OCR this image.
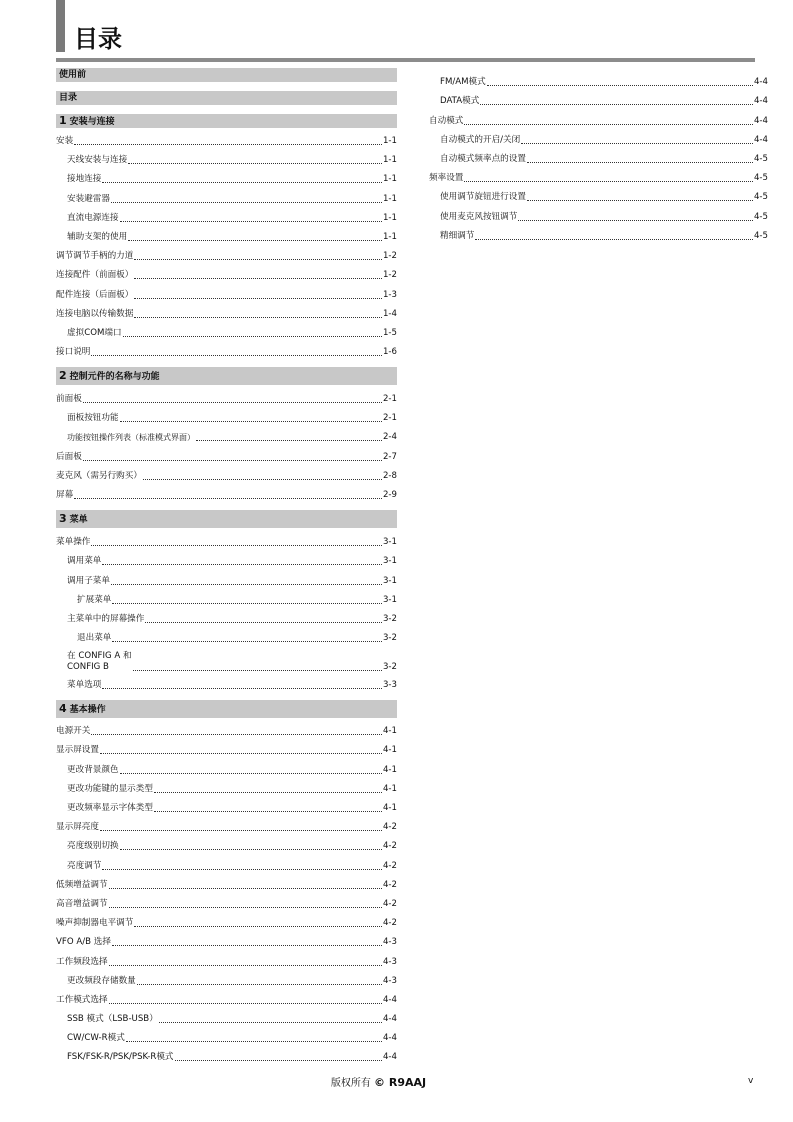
目录
使用前
目录
1 安装与连接
安装	1-1
天线安装与连接	1-1
接地连接	1-1
安装避雷器	1-1
直流电源连接	1-1
辅助支架的使用	1-1
调节调节手柄的力道	1-2
连接配件（前面板）	1-2
配件连接（后面板）	1-3
连接电脑以传输数据	1-4
虚拟COM端口	1-5
接口说明	1-6
2 控制元件的名称与功能
前面板	2-1
面板按钮功能	2-1
功能按钮操作列表（标准模式界面）	2-4
后面板	2-7
麦克风（需另行购买）	2-8
屏幕	2-9
3 菜单
菜单操作	3-1
调用菜单	3-1
调用子菜单	3-1
扩展菜单	3-1
主菜单中的屏幕操作	3-2
退出菜单	3-2
在 CONFIG A 和
CONFIG B	3-2
菜单选项	3-3
4 基本操作
电源开关	4-1
显示屏设置	4-1
更改背景颜色	4-1
更改功能键的显示类型	4-1
更改频率显示字体类型	4-1
显示屏亮度	4-2
亮度级别切换	4-2
亮度调节	4-2
低频增益调节	4-2
高音增益调节	4-2
噪声抑制器电平调节	4-2
VFO A/B 选择	4-3
工作频段选择	4-3
更改频段存储数量	4-3
工作模式选择	4-4
SSB 模式（LSB-USB）	4-4
CW/CW-R模式	4-4
FSK/FSK-R/PSK/PSK-R模式	4-4
FM/AM模式	4-4
DATA模式	4-4
自动模式	4-4
自动模式的开启/关闭	4-4
自动模式频率点的设置	4-5
频率设置	4-5
使用调节旋钮进行设置	4-5
使用麦克风按钮调节	4-5
精细调节	4-5
版权所有 © R9AAJ	v
